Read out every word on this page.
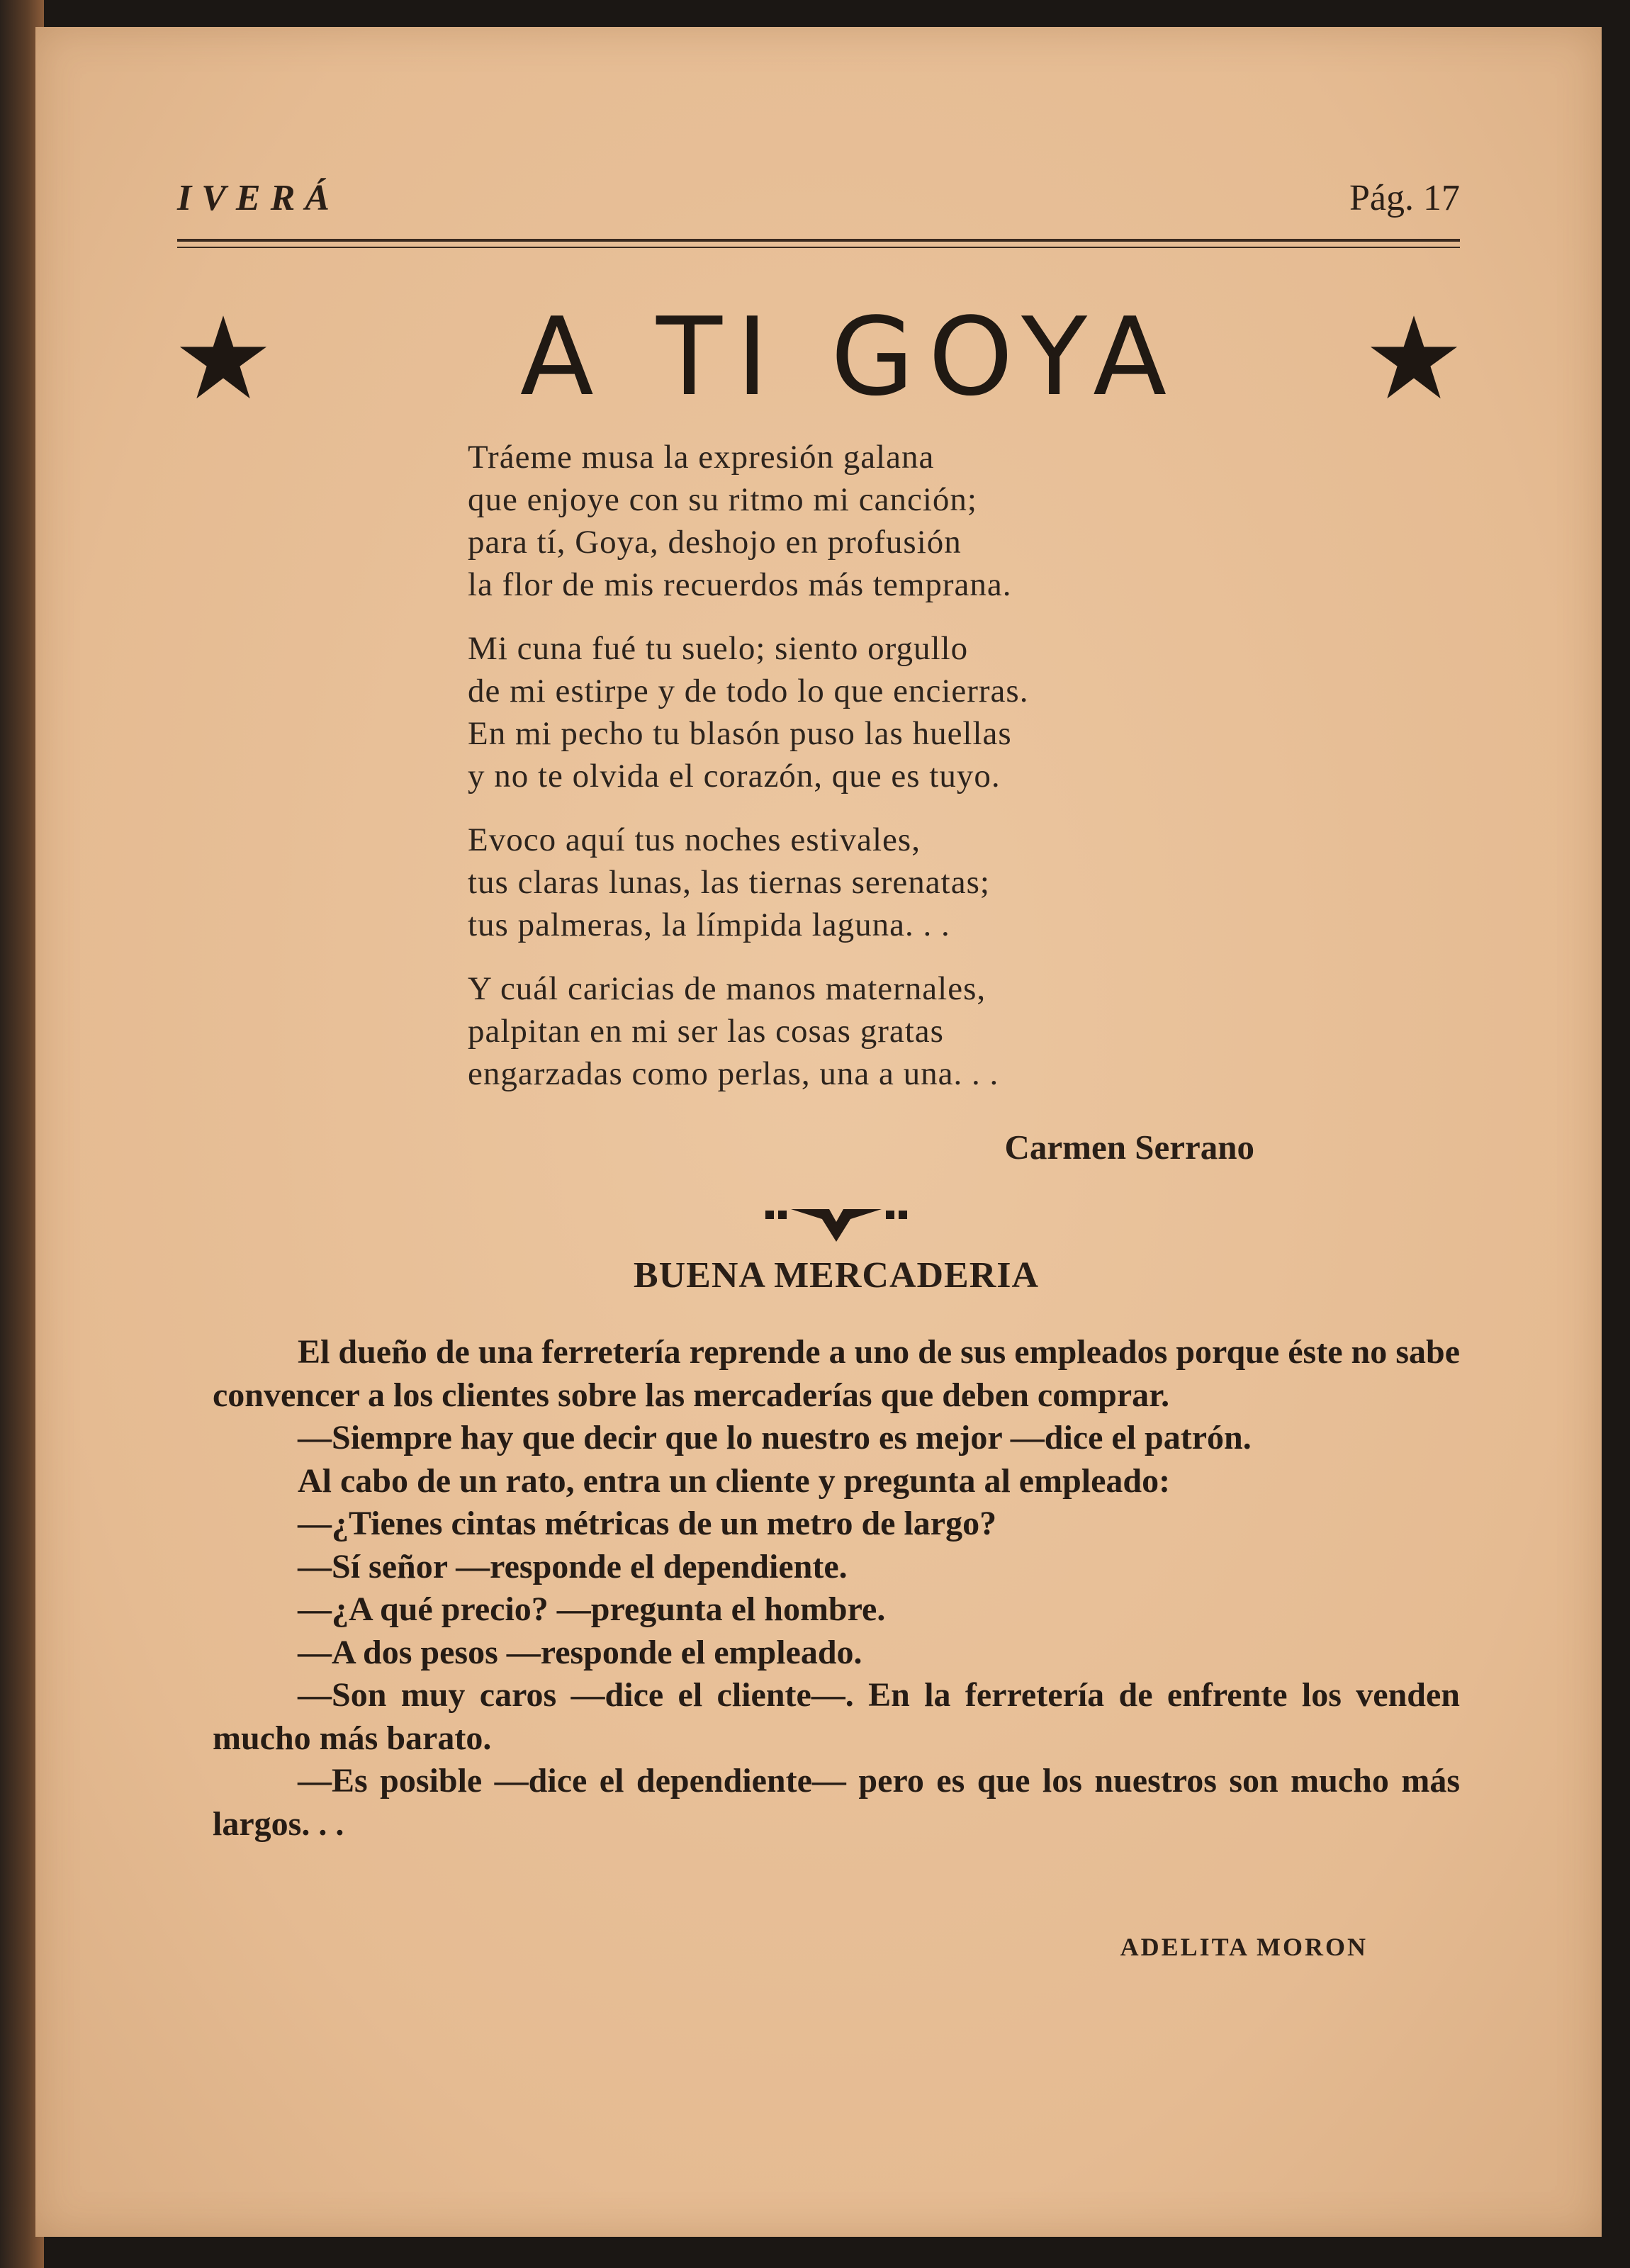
IVERÁ	Pág. 17
A TI GOYA
Tráeme musa la expresión galana
que enjoye con su ritmo mi canción;
para tí, Goya, deshojo en profusión
la flor de mis recuerdos más temprana.
Mi cuna fué tu suelo; siento orgullo
de mi estirpe y de todo lo que encierras.
En mi pecho tu blasón puso las huellas
y no te olvida el corazón, que es tuyo.
Evoco aquí tus noches estivales,
tus claras lunas, las tiernas serenatas;
tus palmeras, la límpida laguna. . .
Y cuál caricias de manos maternales,
palpitan en mi ser las cosas gratas
engarzadas como perlas, una a una. . .
Carmen Serrano
BUENA MERCADERIA

El dueño de una ferretería reprende a uno de sus empleados porque éste no sabe convencer a los clientes sobre las mercaderías que deben comprar.

—Siempre hay que decir que lo nuestro es mejor —dice el patrón.

Al cabo de un rato, entra un cliente y pregunta al empleado:

—¿Tienes cintas métricas de un metro de largo?

—Sí señor —responde el dependiente.

—¿A qué precio? —pregunta el hombre.

—A dos pesos —responde el empleado.

—Son muy caros —dice el cliente—. En la ferretería de enfrente los venden mucho más barato.

—Es posible —dice el dependiente— pero es que los nuestros son mucho más largos. . .

ADELITA MORON
